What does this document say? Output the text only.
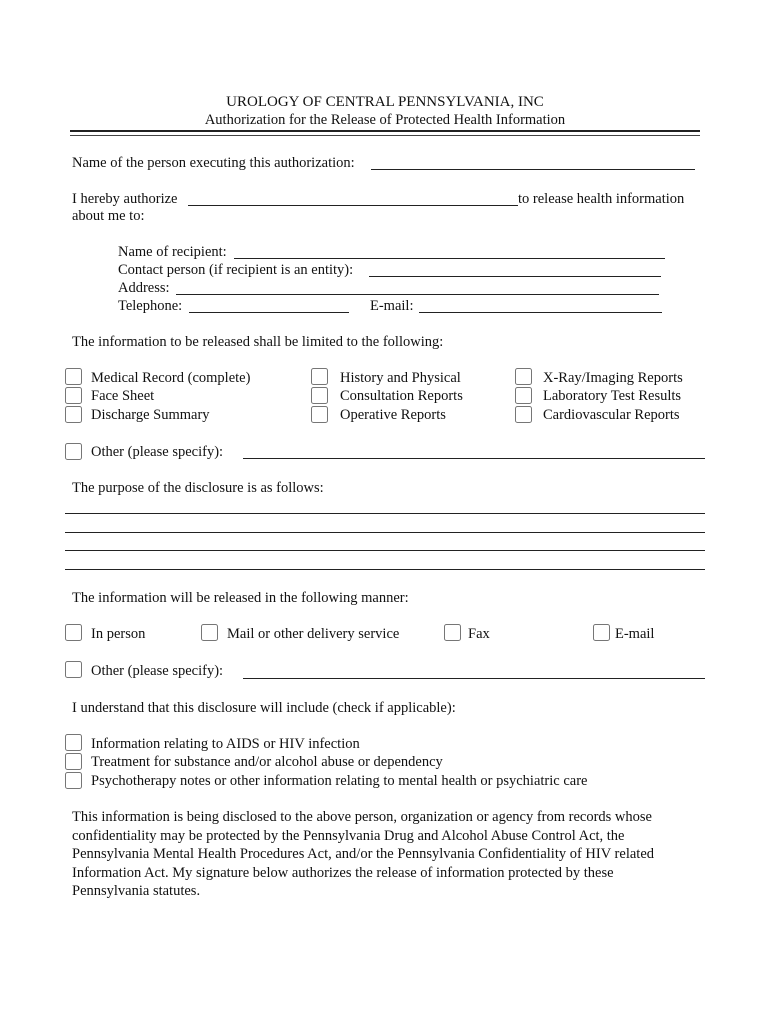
UROLOGY OF CENTRAL PENNSYLVANIA, INC
Authorization for the Release of Protected Health Information
Name of the person executing this authorization:
I hereby authorize	to release health information
about me to:
Name of recipient:
Contact person (if recipient is an entity):
Address:
Telephone:	E-mail:
The information to be released shall be limited to the following:
Medical Record (complete)
Face Sheet
Discharge Summary
History and Physical
Consultation Reports
Operative Reports
X-Ray/Imaging Reports
Laboratory Test Results
Cardiovascular Reports
Other (please specify):
The purpose of the disclosure is as follows:
The information will be released in the following manner:
In person	Mail or other delivery service	Fax	E-mail
Other (please specify):
I understand that this disclosure will include (check if applicable):
Information relating to AIDS or HIV infection
Treatment for substance and/or alcohol abuse or dependency
Psychotherapy notes or other information relating to mental health or psychiatric care
This information is being disclosed to the above person, organization or agency from records whose
confidentiality may be protected by the Pennsylvania Drug and Alcohol Abuse Control Act, the
Pennsylvania Mental Health Procedures Act, and/or the Pennsylvania Confidentiality of HIV related
Information Act. My signature below authorizes the release of information protected by these
Pennsylvania statutes.
